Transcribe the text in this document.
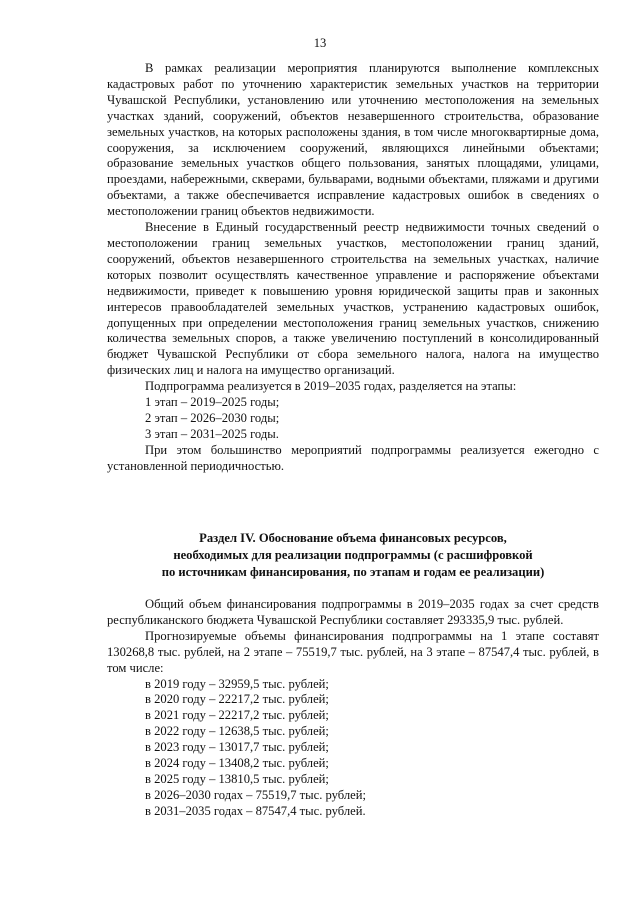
13

В рамках реализации мероприятия планируются выполнение комплексных кадастровых работ по уточнению характеристик земельных участков на территории Чувашской Республики, установлению или уточнению местоположения на земельных участках зданий, сооружений, объектов незавершенного строительства, образование земельных участков, на которых расположены здания, в том числе многоквартирные дома, сооружения, за исключением сооружений, являющихся линейными объектами; образование земельных участков общего пользования, занятых площадями, улицами, проездами, набережными, скверами, бульварами, водными объектами, пляжами и другими объектами, а также обеспечивается исправление кадастровых ошибок в сведениях о местоположении границ объектов недвижимости.

Внесение в Единый государственный реестр недвижимости точных сведений о местоположении границ земельных участков, местоположении границ зданий, сооружений, объектов незавершенного строительства на земельных участках, наличие которых позволит осуществлять качественное управление и распоряжение объектами недвижимости, приведет к повышению уровня юридической защиты прав и законных интересов правообладателей земельных участков, устранению кадастровых ошибок, допущенных при определении местоположения границ земельных участков, снижению количества земельных споров, а также увеличению поступлений в консолидированный бюджет Чувашской Республики от сбора земельного налога, налога на имущество физических лиц и налога на имущество организаций.

Подпрограмма реализуется в 2019–2035 годах, разделяется на этапы:

1 этап – 2019–2025 годы;

2 этап – 2026–2030 годы;

3 этап – 2031–2025 годы.

При этом большинство мероприятий подпрограммы реализуется ежегодно с установленной периодичностью.

Раздел IV. Обоснование объема финансовых ресурсов,
необходимых для реализации подпрограммы (с расшифровкой
по источникам финансирования, по этапам и годам ее реализации)

Общий объем финансирования подпрограммы в 2019–2035 годах за счет средств республиканского бюджета Чувашской Республики составляет 293335,9 тыс. рублей.

Прогнозируемые объемы финансирования подпрограммы на 1 этапе составят 130268,8 тыс. рублей, на 2 этапе – 75519,7 тыс. рублей, на 3 этапе – 87547,4 тыс. рублей, в том числе:

в 2019 году – 32959,5 тыс. рублей;

в 2020 году – 22217,2 тыс. рублей;

в 2021 году – 22217,2 тыс. рублей;

в 2022 году – 12638,5 тыс. рублей;

в 2023 году – 13017,7 тыс. рублей;

в 2024 году – 13408,2 тыс. рублей;

в 2025 году – 13810,5 тыс. рублей;

в 2026–2030 годах – 75519,7 тыс. рублей;

в 2031–2035 годах – 87547,4 тыс. рублей.
